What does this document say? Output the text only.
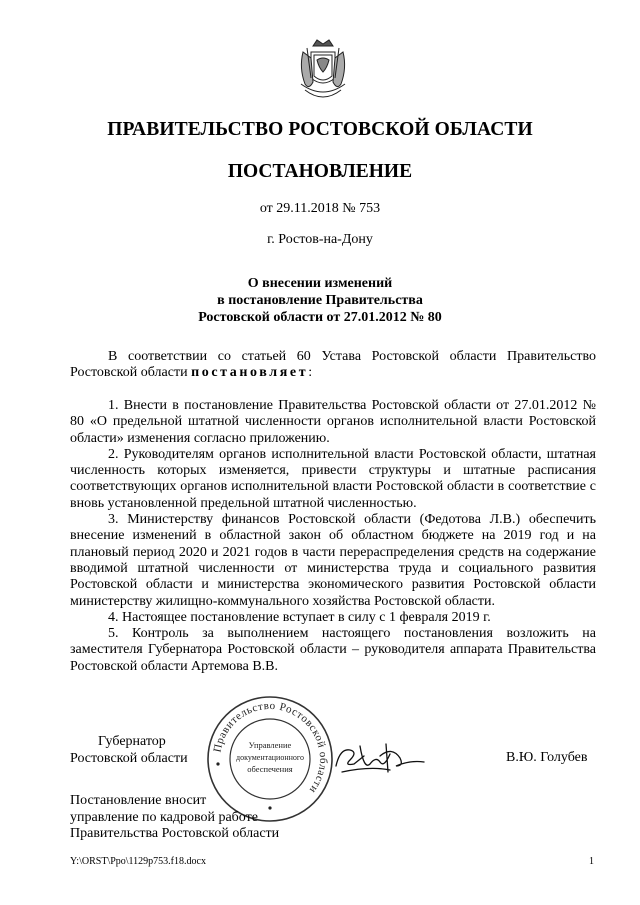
ПРАВИТЕЛЬСТВО РОСТОВСКОЙ ОБЛАСТИ
ПОСТАНОВЛЕНИЕ
от 29.11.2018 № 753
г. Ростов-на-Дону
О внесении изменений
в постановление Правительства
Ростовской области от 27.01.2012 № 80

В соответствии со статьей 60 Устава Ростовской области Правительство Ростовской области постановляет:

1. Внести в постановление Правительства Ростовской области от 27.01.2012 № 80 «О предельной штатной численности органов исполнительной власти Ростовской области» изменения согласно приложению.

2. Руководителям органов исполнительной власти Ростовской области, штатная численность которых изменяется, привести структуры и штатные расписания соответствующих органов исполнительной власти Ростовской области в соответствие с вновь установленной предельной штатной численностью.

3. Министерству финансов Ростовской области (Федотова Л.В.) обеспечить внесение изменений в областной закон об областном бюджете на 2019 год и на плановый период 2020 и 2021 годов в части перераспределения средств на содержание вводимой штатной численности от министерства труда и социального развития Ростовской области и министерства экономического развития Ростовской области министерству жилищно-коммунального хозяйства Ростовской области.

4. Настоящее постановление вступает в силу с 1 февраля 2019 г.

5. Контроль за выполнением настоящего постановления возложить на заместителя Губернатора Ростовской области – руководителя аппарата Правительства Ростовской области Артемова В.В.

Губернатор
Ростовской области
Правительство Ростовской области
Управление
документационного
обеспечения
В.Ю. Голубев
Постановление вносит
управление по кадровой работе
Правительства Ростовской области
Y:\ORST\Ppo\1129p753.f18.docx	1
